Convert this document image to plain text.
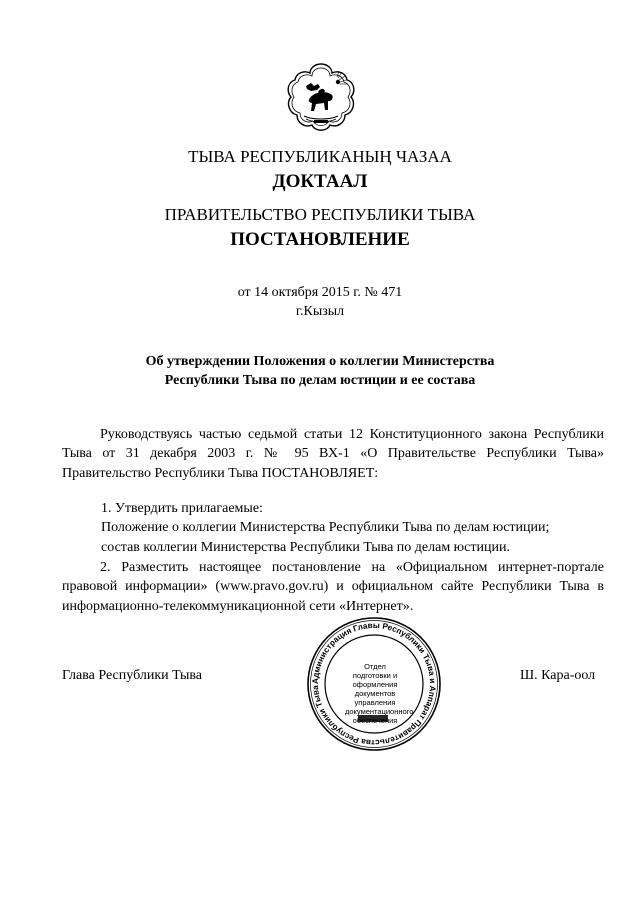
ТЫВА РЕСПУБЛИКАНЫҢ ЧАЗАА
ДОКТААЛ
ПРАВИТЕЛЬСТВО РЕСПУБЛИКИ ТЫВА
ПОСТАНОВЛЕНИЕ
от 14 октября 2015 г. № 471
г.Кызыл
Об утверждении Положения о коллегии Министерства
Республики Тыва по делам юстиции и ее состава
Руководствуясь частью седьмой статьи 12 Конституционного закона Республики Тыва от 31 декабря 2003 г. № 95 ВХ-1 «О Правительстве Республики Тыва» Правительство Республики Тыва ПОСТАНОВЛЯЕТ:
1. Утвердить прилагаемые:
Положение о коллегии Министерства Республики Тыва по делам юстиции;
состав коллегии Министерства Республики Тыва по делам юстиции.
2. Разместить настоящее постановление на «Официальном интернет-портале правовой информации» (www.pravo.gov.ru) и официальном сайте Республики Тыва в информационно-телекоммуникационной сети «Интернет».
Глава Республики Тыва	Ш. Кара-оол
Администрация Главы Республики Тыва и Аппарат Правительства Республики Тыва
Отдел
подготовки и
оформления документов
управления
документационного
обеспечения
